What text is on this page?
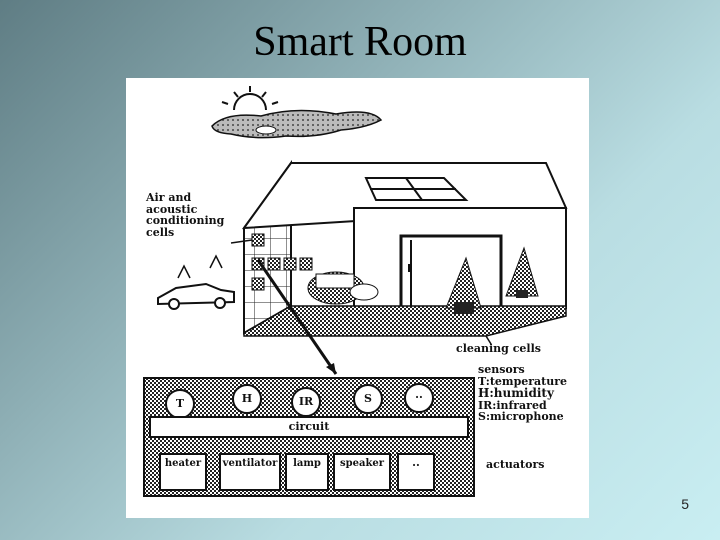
Smart Room
Air and
acoustic
conditioning
cells
cleaning cells
sensors
T:temperature
H:humidity
IR:infrared
S:microphone
actuators
T	H	IR	S	..
circuit
heater	ventilator	lamp	speaker	..
5
